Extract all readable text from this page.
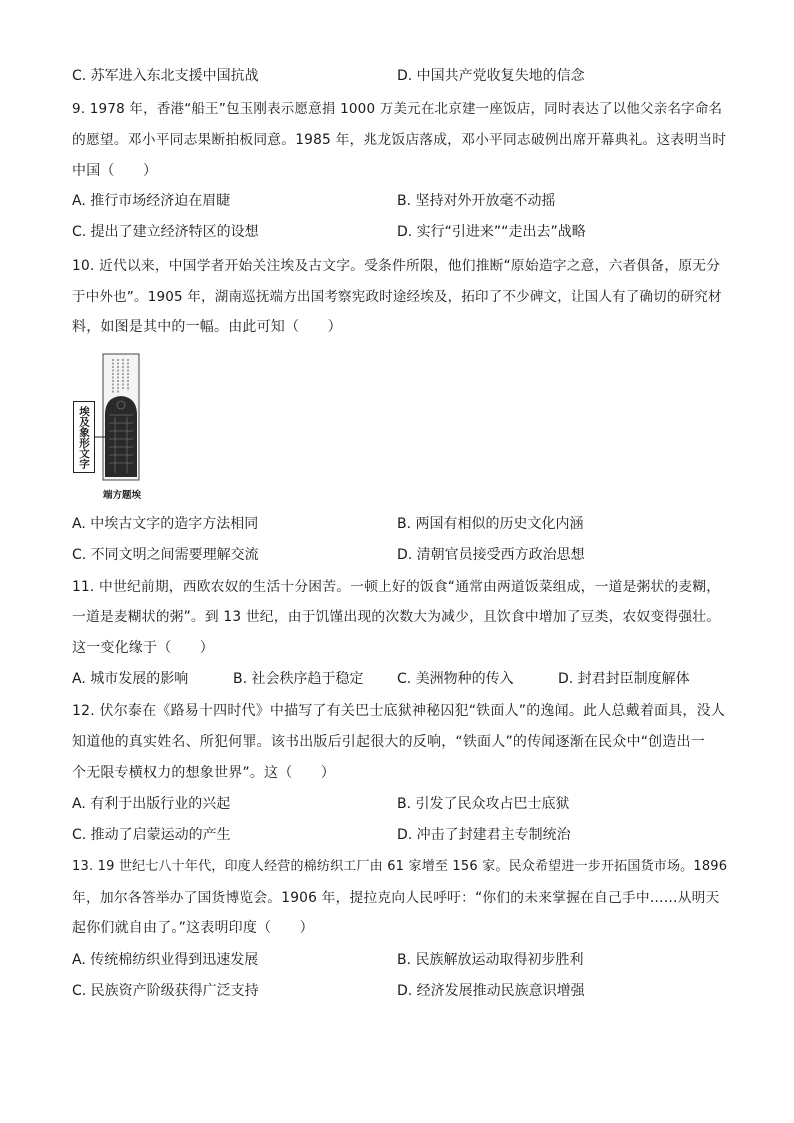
C. 苏军进入东北支援中国抗战	D. 中国共产党收复失地的信念
9. 1978 年，香港“船王”包玉刚表示愿意捐 1000 万美元在北京建一座饭店，同时表达了以他父亲名字命名
的愿望。邓小平同志果断拍板同意。1985 年，兆龙饭店落成，邓小平同志破例出席开幕典礼。这表明当时
中国（　　）
A. 推行市场经济迫在眉睫	B. 坚持对外开放毫不动摇
C. 提出了建立经济特区的设想	D. 实行“引进来”“走出去”战略
10. 近代以来，中国学者开始关注埃及古文字。受条件所限，他们推断“原始造字之意，六者俱备，原无分
于中外也”。1905 年，湖南巡抚端方出国考察宪政时途经埃及，拓印了不少碑文，让国人有了确切的研究材
料，如图是其中的一幅。由此可知（　　）
埃及象形文字
端方题埃
A. 中埃古文字的造字方法相同	B. 两国有相似的历史文化内涵
C. 不同文明之间需要理解交流	D. 清朝官员接受西方政治思想
11. 中世纪前期，西欧农奴的生活十分困苦。一顿上好的饭食“通常由两道饭菜组成，一道是粥状的麦糊，
一道是麦糊状的粥”。到 13 世纪，由于饥馑出现的次数大为减少，且饮食中增加了豆类，农奴变得强壮。
这一变化缘于（　　）
A. 城市发展的影响	B. 社会秩序趋于稳定 C. 美洲物种的传入	D. 封君封臣制度解体
12. 伏尔泰在《路易十四时代》中描写了有关巴士底狱神秘囚犯“铁面人”的逸闻。此人总戴着面具，没人
知道他的真实姓名、所犯何罪。该书出版后引起很大的反响，“铁面人”的传闻逐渐在民众中“创造出一
个无限专横权力的想象世界”。这（　　）
A. 有利于出版行业的兴起	B. 引发了民众攻占巴士底狱
C. 推动了启蒙运动的产生	D. 冲击了封建君主专制统治
13. 19 世纪七八十年代，印度人经营的棉纺织工厂由 61 家增至 156 家。民众希望进一步开拓国货市场。1896
年，加尔各答举办了国货博览会。1906 年，提拉克向人民呼吁：“你们的未来掌握在自己手中……从明天
起你们就自由了。”这表明印度（　　）
A. 传统棉纺织业得到迅速发展	B. 民族解放运动取得初步胜利
C. 民族资产阶级获得广泛支持	D. 经济发展推动民族意识增强
